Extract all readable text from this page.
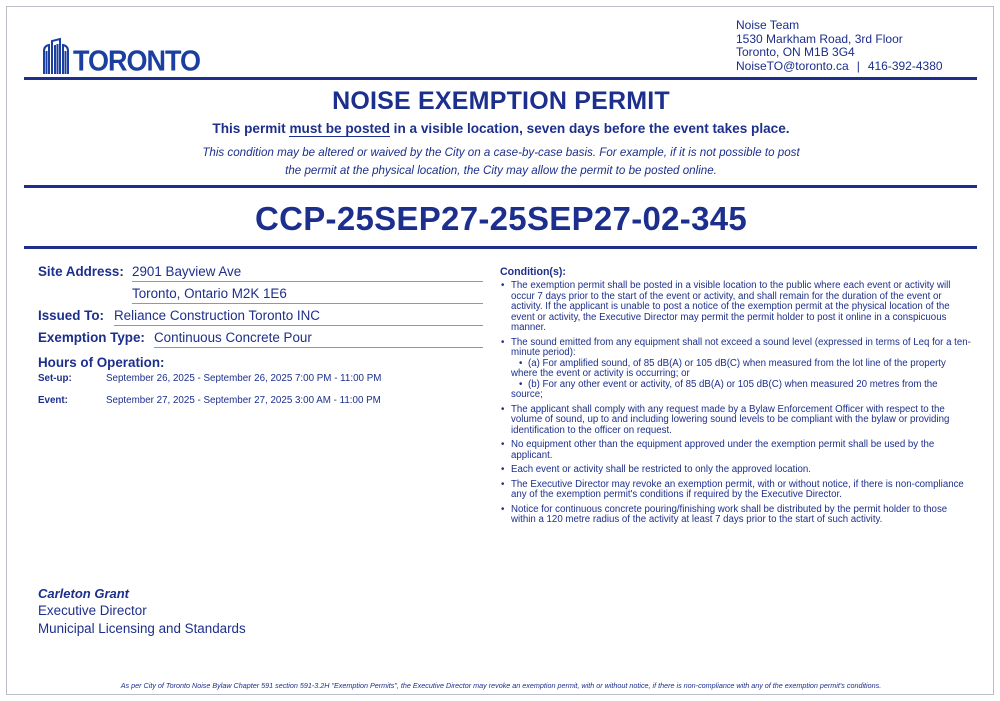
TORONTO
Noise Team
1530 Markham Road, 3rd Floor
Toronto, ON M1B 3G4
NoiseTO@toronto.ca | 416-392-4380
NOISE EXEMPTION PERMIT
This permit must be posted in a visible location, seven days before the event takes place.
This condition may be altered or waived by the City on a case-by-case basis. For example, if it is not possible to post the permit at the physical location, the City may allow the permit to be posted online.
CCP-25SEP27-25SEP27-02-345
Site Address: 2901 Bayview Ave
Toronto, Ontario M2K 1E6
Issued To: Reliance Construction Toronto INC
Exemption Type: Continuous Concrete Pour
Hours of Operation:
Set-up:	September 26, 2025 - September 26, 2025 7:00 PM - 11:00 PM
Event:	September 27, 2025 - September 27, 2025 3:00 AM - 11:00 PM
Condition(s):
• The exemption permit shall be posted in a visible location to the public where each event or activity will occur 7 days prior to the start of the event or activity, and shall remain for the duration of the event or activity. If the applicant is unable to post a notice of the exemption permit at the physical location of the event or activity, the Executive Director may permit the permit holder to post it online in a conspicuous manner.
• The sound emitted from any equipment shall not exceed a sound level (expressed in terms of Leq for a ten-minute period):
• (a) For amplified sound, of 85 dB(A) or 105 dB(C) when measured from the lot line of the property where the event or activity is occurring; or
• (b) For any other event or activity, of 85 dB(A) or 105 dB(C) when measured 20 metres from the source;
• The applicant shall comply with any request made by a Bylaw Enforcement Officer with respect to the volume of sound, up to and including lowering sound levels to be compliant with the bylaw or providing identification to the officer on request.
• No equipment other than the equipment approved under the exemption permit shall be used by the applicant.
• Each event or activity shall be restricted to only the approved location.
• The Executive Director may revoke an exemption permit, with or without notice, if there is non-compliance any of the exemption permit's conditions if required by the Executive Director.
• Notice for continuous concrete pouring/finishing work shall be distributed by the permit holder to those within a 120 metre radius of the activity at least 7 days prior to the start of such activity.
Carleton Grant
Executive Director
Municipal Licensing and Standards
As per City of Toronto Noise Bylaw Chapter 591 section 591-3.2H "Exemption Permits", the Executive Director may revoke an exemption permit, with or without notice, if there is non-compliance with any of the exemption permit's conditions.
